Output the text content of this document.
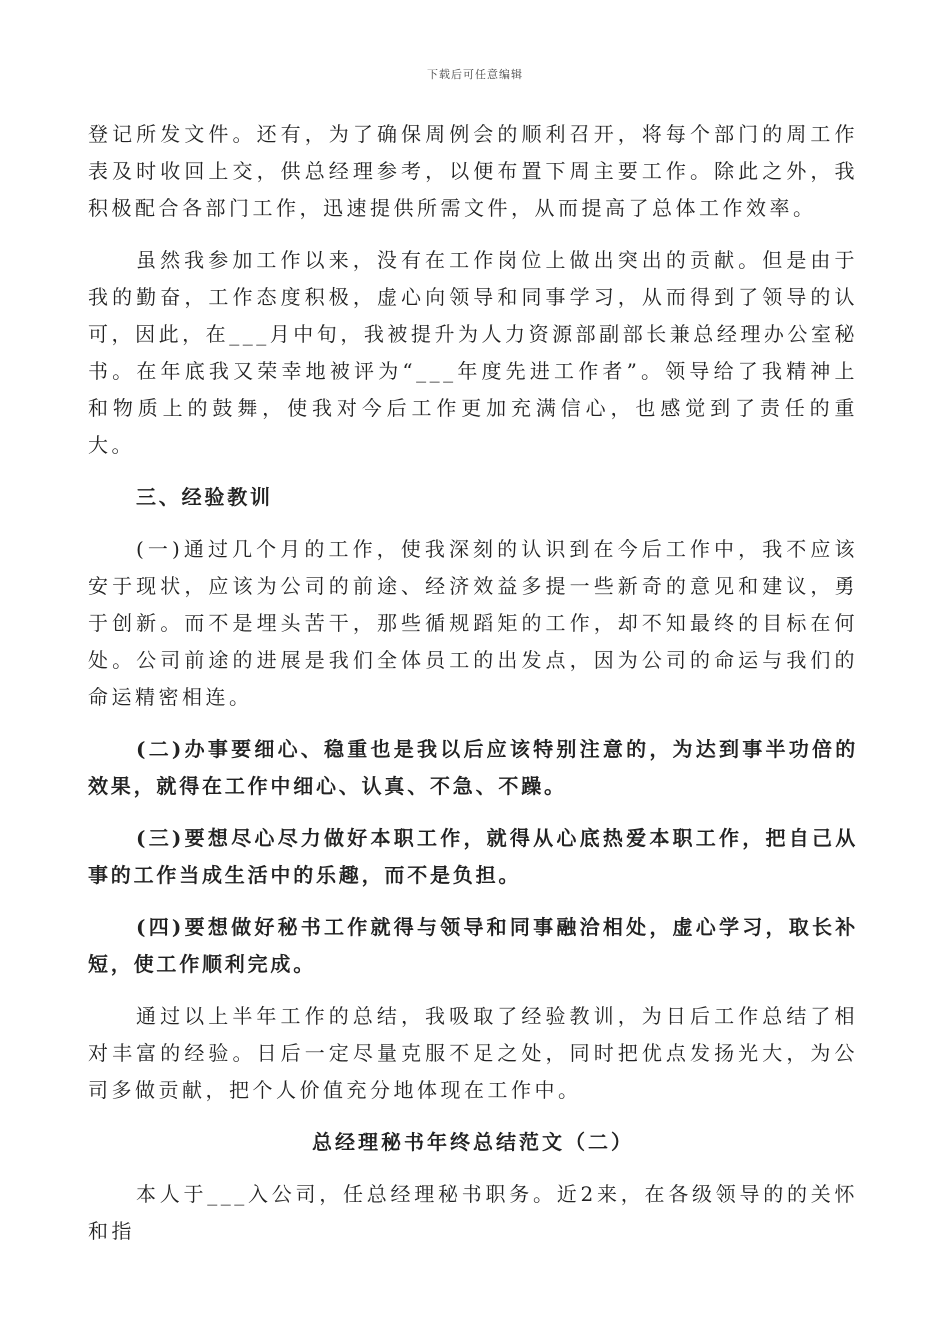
下载后可任意编辑

登记所发文件。还有，为了确保周例会的顺利召开，将每个部门的周工作表及时收回上交，供总经理参考，以便布置下周主要工作。除此之外，我积极配合各部门工作，迅速提供所需文件，从而提高了总体工作效率。

虽然我参加工作以来，没有在工作岗位上做出突出的贡献。但是由于我的勤奋，工作态度积极，虚心向领导和同事学习，从而得到了领导的认可，因此，在___月中旬，我被提升为人力资源部副部长兼总经理办公室秘书。在年底我又荣幸地被评为“___年度先进工作者”。领导给了我精神上和物质上的鼓舞，使我对今后工作更加充满信心，也感觉到了责任的重大。

三、经验教训

(一)通过几个月的工作，使我深刻的认识到在今后工作中，我不应该安于现状，应该为公司的前途、经济效益多提一些新奇的意见和建议，勇于创新。而不是埋头苦干，那些循规蹈矩的工作，却不知最终的目标在何处。公司前途的进展是我们全体员工的出发点，因为公司的命运与我们的命运精密相连。

(二)办事要细心、稳重也是我以后应该特别注意的，为达到事半功倍的效果，就得在工作中细心、认真、不急、不躁。

(三)要想尽心尽力做好本职工作，就得从心底热爱本职工作，把自己从事的工作当成生活中的乐趣，而不是负担。

(四)要想做好秘书工作就得与领导和同事融洽相处，虚心学习，取长补短，使工作顺利完成。

通过以上半年工作的总结，我吸取了经验教训，为日后工作总结了相对丰富的经验。日后一定尽量克服不足之处，同时把优点发扬光大，为公司多做贡献，把个人价值充分地体现在工作中。

总经理秘书年终总结范文（二）

本人于___入公司，任总经理秘书职务。近2来，在各级领导的的关怀和指
